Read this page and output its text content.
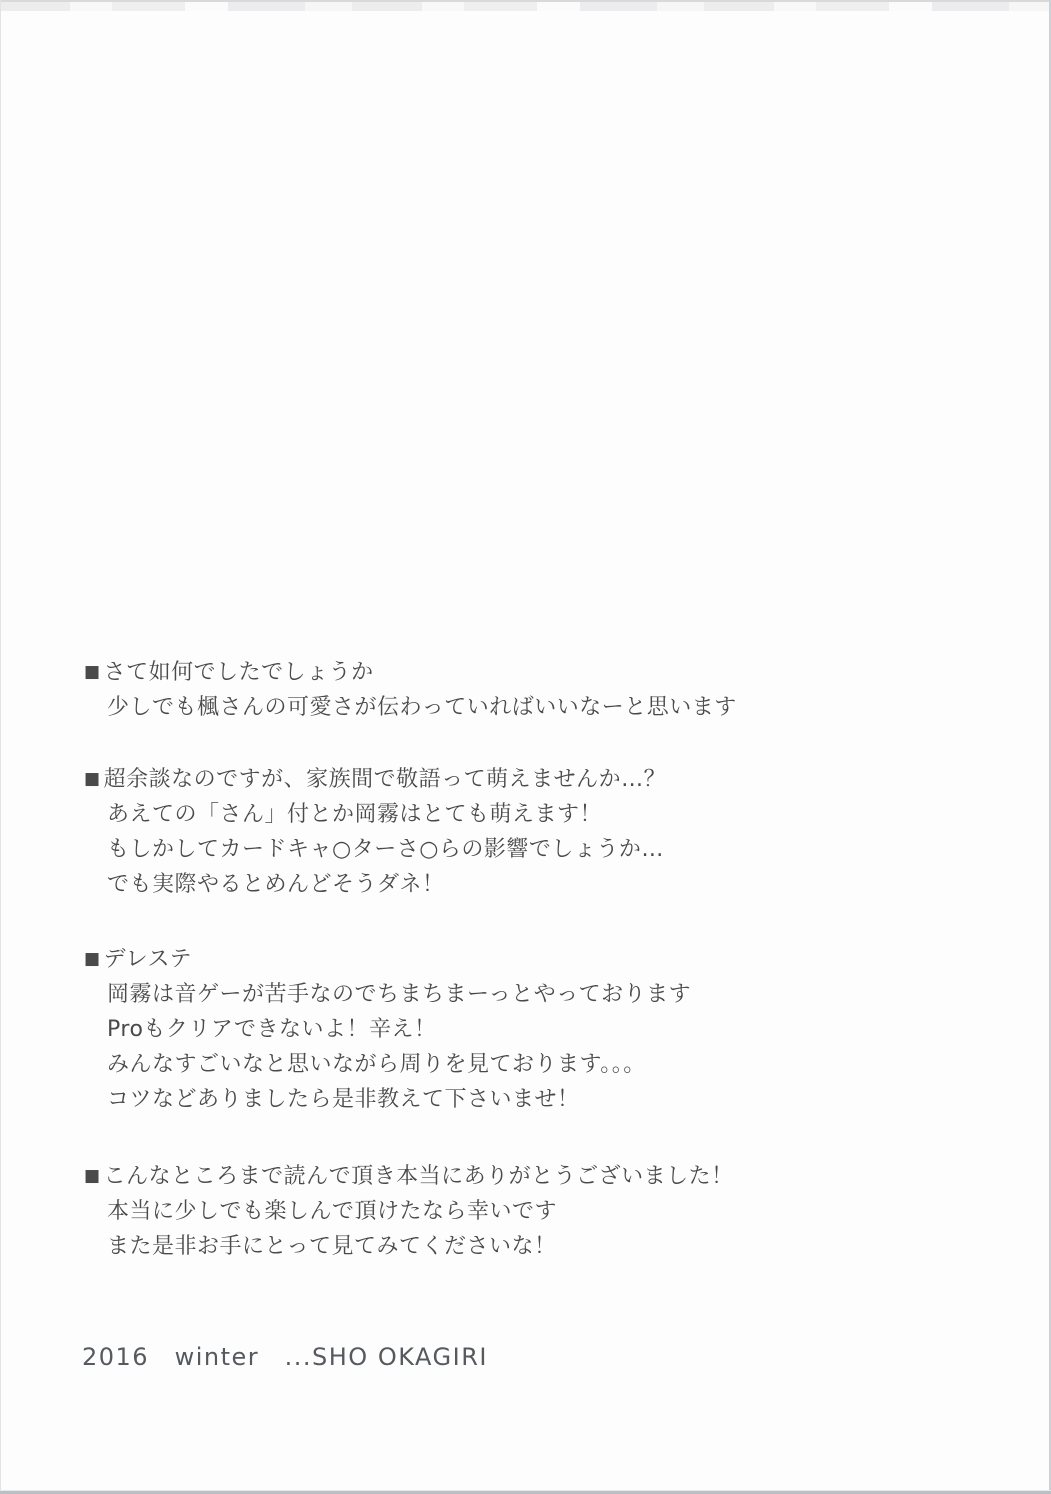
■ さて如何でしたでしょうか
少しでも楓さんの可愛さが伝わっていればいいなーと思います
■ 超余談なのですが、家族間で敬語って萌えませんか…？
あえての「さん」付とか岡霧はとても萌えます！
もしかしてカードキャ○ターさ○らの影響でしょうか…
でも実際やるとめんどそうダネ！
■ デレステ
岡霧は音ゲーが苦手なのでちまちまーっとやっております
Proもクリアできないよ！辛え！
みんなすごいなと思いながら周りを見ております。。。
コツなどありましたら是非教えて下さいませ！
■ こんなところまで読んで頂き本当にありがとうございました！
本当に少しでも楽しんで頂けたなら幸いです
また是非お手にとって見てみてくださいな！
2016　winter　...SHO OKAGIRI
